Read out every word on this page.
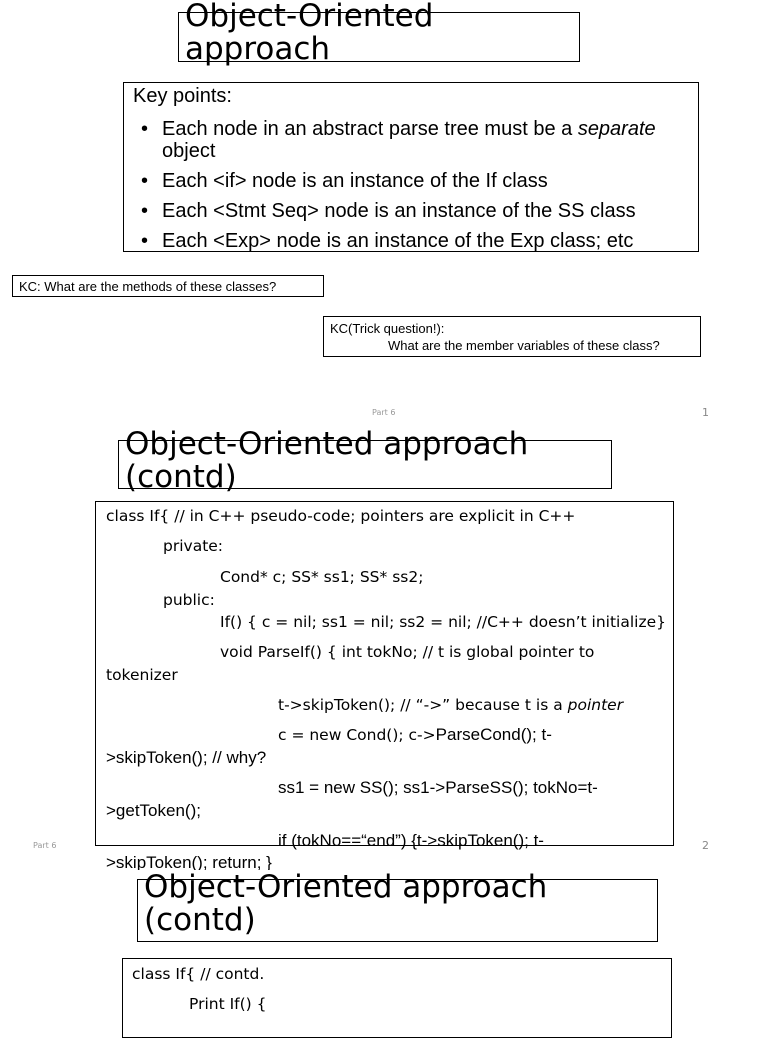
Object-Oriented
approach
Key points:
• Each node in an abstract parse tree must be a separate object
• Each <if> node is an instance of the If class
• Each <Stmt Seq> node is an instance of the SS class
• Each <Exp> node is an instance of the Exp class; etc
KC: What are the methods of these classes?
KC(Trick question!):
What are the member variables of these class?
Part 6	1
Object-Oriented approach
(contd)
class If{ // in C++ pseudo-code; pointers are explicit in C++
private:
Cond* c; SS* ss1; SS* ss2;
public:
If() { c = nil; ss1 = nil; ss2 = nil; //C++ doesn’t initialize}
void ParseIf() { int tokNo; // t is global pointer to
tokenizer
t->skipToken(); // “->” because t is a pointer
c = new Cond(); c->ParseCond(); t-
>skipToken(); // why?
ss1 = new SS(); ss1->ParseSS(); tokNo=t-
>getToken();
if (tokNo==“end”) {t->skipToken(); t-
>skipToken(); return; }
Part 6	2
Object-Oriented approach
(contd)
class If{ // contd.
Print If() {
